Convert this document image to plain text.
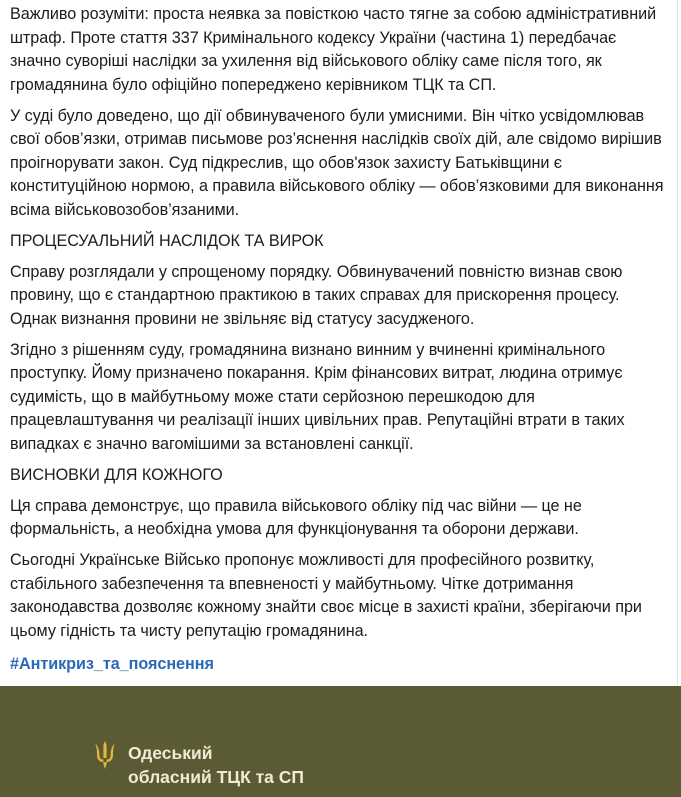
Важливо розуміти: проста неявка за повісткою часто тягне за собою адміністративний штраф. Проте стаття 337 Кримінального кодексу України (частина 1) передбачає значно суворіші наслідки за ухилення від військового обліку саме після того, як громадянина було офіційно попереджено керівником ТЦК та СП.

У суді було доведено, що дії обвинуваченого були умисними. Він чітко усвідомлював свої обов’язки, отримав письмове роз’яснення наслідків своїх дій, але свідомо вирішив проігнорувати закон. Суд підкреслив, що обов'язок захисту Батьківщини є конституційною нормою, а правила військового обліку — обов’язковими для виконання всіма військовозобов’язаними.

ПРОЦЕСУАЛЬНИЙ НАСЛІДОК ТА ВИРОК

Справу розглядали у спрощеному порядку. Обвинувачений повністю визнав свою провину, що є стандартною практикою в таких справах для прискорення процесу. Однак визнання провини не звільняє від статусу засудженого.

Згідно з рішенням суду, громадянина визнано винним у вчиненні кримінального проступку. Йому призначено покарання. Крім фінансових витрат, людина отримує судимість, що в майбутньому може стати серйозною перешкодою для працевлаштування чи реалізації інших цивільних прав. Репутаційні втрати в таких випадках є значно вагомішими за встановлені санкції.

ВИСНОВКИ ДЛЯ КОЖНОГО

Ця справа демонструє, що правила військового обліку під час війни — це не формальність, а необхідна умова для функціонування та оборони держави.

Сьогодні Українське Військо пропонує можливості для професійного розвитку, стабільного забезпечення та впевненості у майбутньому. Чітке дотримання законодавства дозволяє кожному знайти своє місце в захисті країни, зберігаючи при цьому гідність та чисту репутацію громадянина.

#Антикриз_та_пояснення
Одеський
обласний ТЦК та СП
